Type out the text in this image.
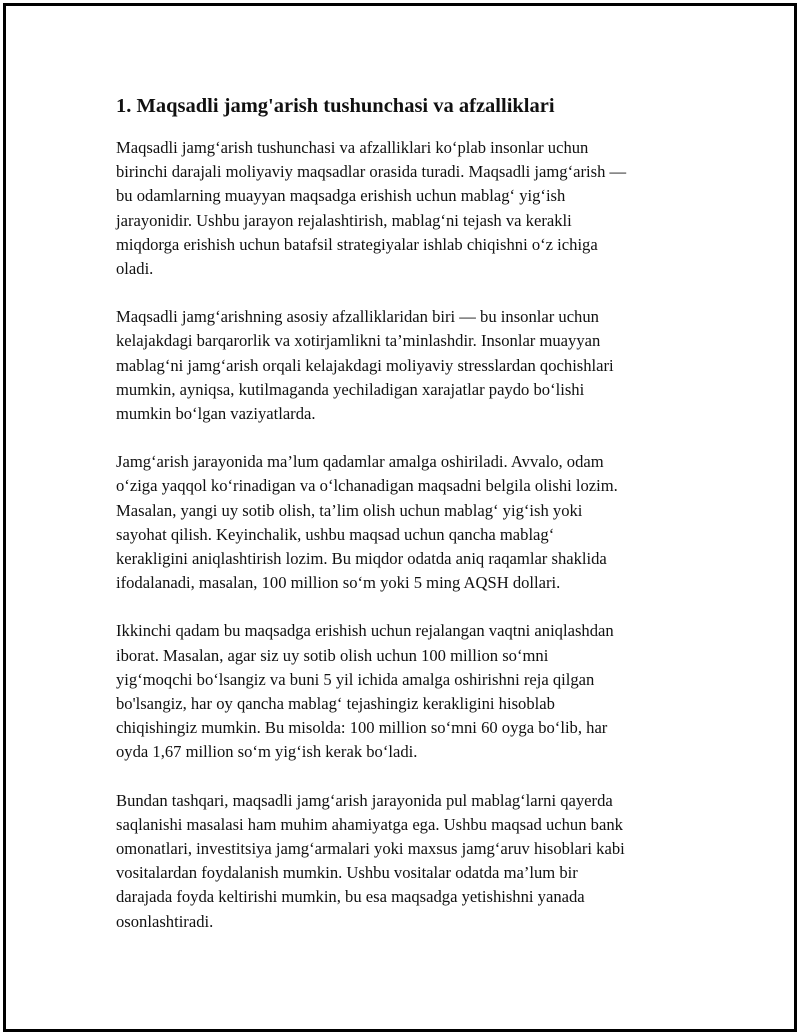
1. Maqsadli jamg'arish tushunchasi va afzalliklari

Maqsadli jamg‘arish tushunchasi va afzalliklari ko‘plab insonlar uchun
birinchi darajali moliyaviy maqsadlar orasida turadi. Maqsadli jamg‘arish —
bu odamlarning muayyan maqsadga erishish uchun mablag‘ yig‘ish
jarayonidir. Ushbu jarayon rejalashtirish, mablag‘ni tejash va kerakli
miqdorga erishish uchun batafsil strategiyalar ishlab chiqishni o‘z ichiga
oladi.

Maqsadli jamg‘arishning asosiy afzalliklaridan biri — bu insonlar uchun
kelajakdagi barqarorlik va xotirjamlikni ta’minlashdir. Insonlar muayyan
mablag‘ni jamg‘arish orqali kelajakdagi moliyaviy stresslardan qochishlari
mumkin, ayniqsa, kutilmaganda yechiladigan xarajatlar paydo bo‘lishi
mumkin bo‘lgan vaziyatlarda.

Jamg‘arish jarayonida ma’lum qadamlar amalga oshiriladi. Avvalo, odam
o‘ziga yaqqol ko‘rinadigan va o‘lchanadigan maqsadni belgila olishi lozim.
Masalan, yangi uy sotib olish, ta’lim olish uchun mablag‘ yig‘ish yoki
sayohat qilish. Keyinchalik, ushbu maqsad uchun qancha mablag‘
kerakligini aniqlashtirish lozim. Bu miqdor odatda aniq raqamlar shaklida
ifodalanadi, masalan, 100 million so‘m yoki 5 ming AQSH dollari.

Ikkinchi qadam bu maqsadga erishish uchun rejalangan vaqtni aniqlashdan
iborat. Masalan, agar siz uy sotib olish uchun 100 million so‘mni
yig‘moqchi bo‘lsangiz va buni 5 yil ichida amalga oshirishni reja qilgan
bo'lsangiz, har oy qancha mablag‘ tejashingiz kerakligini hisoblab
chiqishingiz mumkin. Bu misolda: 100 million so‘mni 60 oyga bo‘lib, har
oyda 1,67 million so‘m yig‘ish kerak bo‘ladi.

Bundan tashqari, maqsadli jamg‘arish jarayonida pul mablag‘larni qayerda
saqlanishi masalasi ham muhim ahamiyatga ega. Ushbu maqsad uchun bank
omonatlari, investitsiya jamg‘armalari yoki maxsus jamg‘aruv hisoblari kabi
vositalardan foydalanish mumkin. Ushbu vositalar odatda ma’lum bir
darajada foyda keltirishi mumkin, bu esa maqsadga yetishishni yanada
osonlashtiradi.
